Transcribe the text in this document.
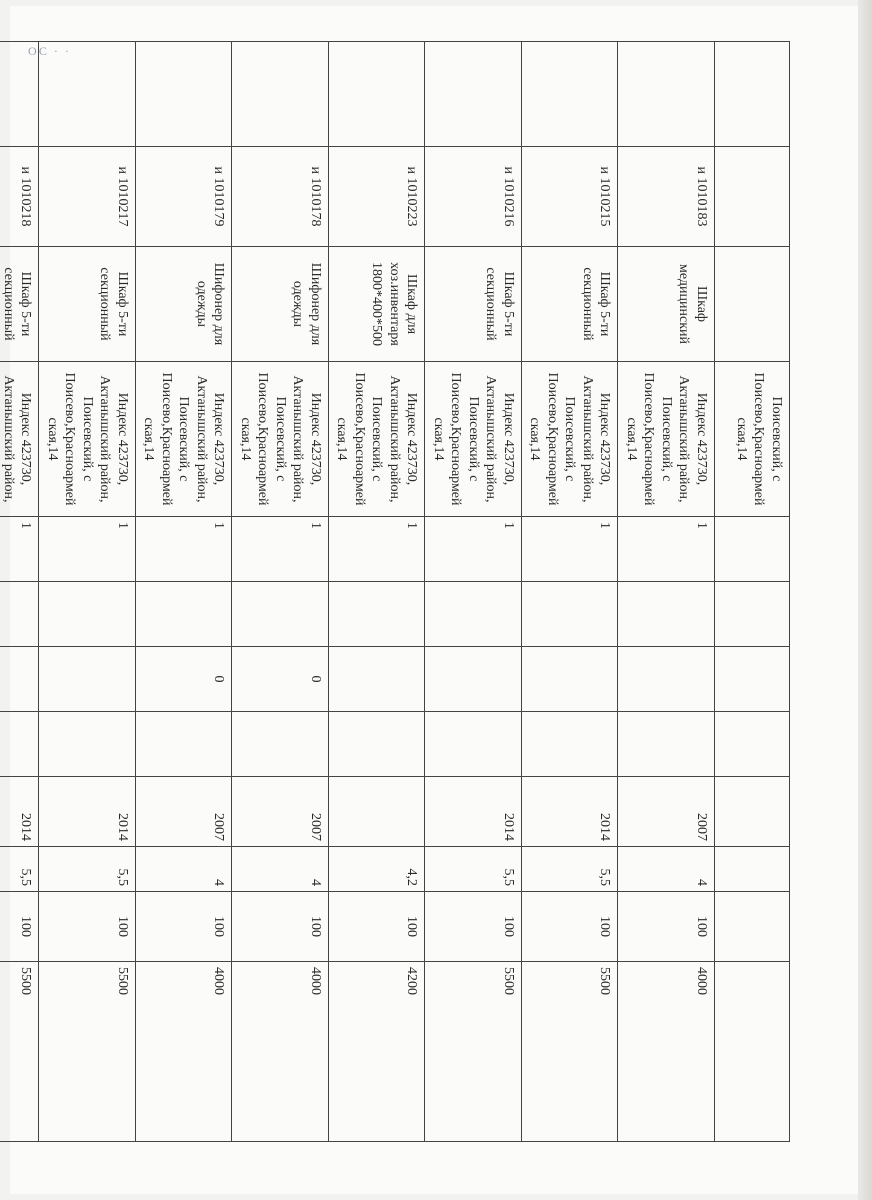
ОС · ·
			Поисевский, с Поисево,Красноармей ская,14									
	и 1010183	Шкаф медицинский	Индекс 423730, Актанышский район, Поисевский, с Поисево,Красноармей ская,14	1				2007	4	100	4000	
	и 1010215	Шкаф 5-ти секционный	Индекс 423730, Актанышский район, Поисевский, с Поисево,Красноармей ская,14	1				2014	5,5	100	5500	
	и 1010216	Шкаф 5-ти секционный	Индекс 423730, Актанышский район, Поисевский, с Поисево,Красноармей ская,14	1				2014	5,5	100	5500	
	и 1010223	Шкаф для хоз.инвентаря 1800*400*500	Индекс 423730, Актанышский район, Поисевский, с Поисево,Красноармей ская,14	1					4,2	100	4200	
	и 1010178	Шифонер для одежды	Индекс 423730, Актанышский район, Поисевский, с Поисево,Красноармей ская,14	1		0		2007	4	100	4000	
	и 1010179	Шифонер для одежды	Индекс 423730, Актанышский район, Поисевский, с Поисево,Красноармей ская,14	1		0		2007	4	100	4000	
	и 1010217	Шкаф 5-ти секционный	Индекс 423730, Актанышский район, Поисевский, с Поисево,Красноармей ская,14	1				2014	5,5	100	5500	
	и 1010218	Шкаф 5-ти секционный	Индекс 423730, Актанышский район,	1				2014	5,5	100	5500	
